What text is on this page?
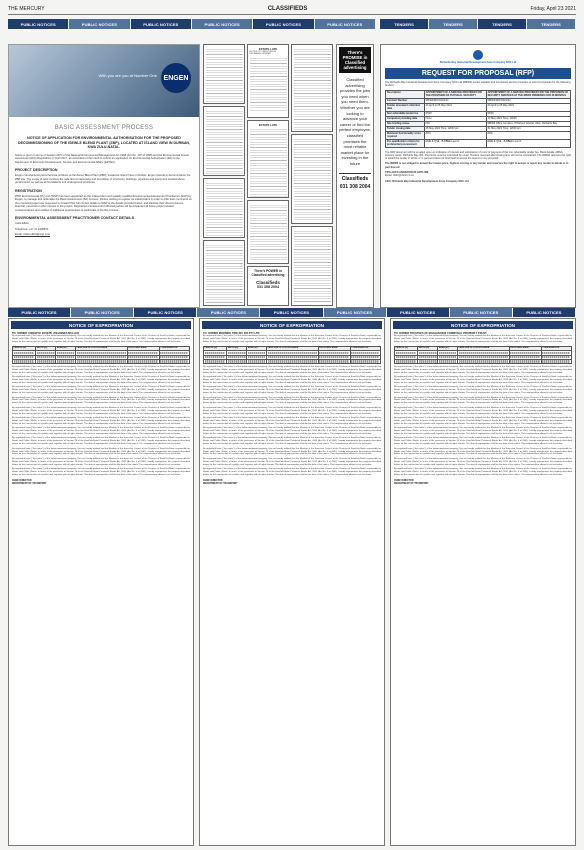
THE MERCURY	CLASSIFIEDS	Friday, April 23 2021
PUBLIC NOTICES	PUBLIC NOTICES	PUBLIC NOTICES	PUBLIC NOTICES	PUBLIC NOTICES	PUBLIC NOTICES	TENDERS	TENDERS	TENDERS	TENDERS
With you are you at Number One ENGEN
BASIC ASSESSMENT PROCESS
NOTICE OF APPLICATION FOR ENVIRONMENTAL AUTHORISATION FOR THE PROPOSED DECOMMISSIONING OF THE ISEWLE BLEND PLANT (ZBP), LOCATED AT ISLAND VIEW IN DURBAN, KWA ZULU-NATAL.
Notice is given in terms of Section 24(5) of the National Environmental Management Act 1998 (Act No. 107 of 1998) and the Environmental Impact Assessment (EIA) Regulations (7 April 2017, as amended) of the intent to submit an application for Environmental Authorisation (EA) to the Department of Economic Development, Tourism and Environmental Affairs (EDTEA).
PROJECT DESCRIPTION
Engen manufactures petrochemical products at the Zenex Blend Plant (ZBP), located at Island View in Durban. Engen intends to decommission the ZBP site. The scope of work involves the safe decommissioning and demolition of structures, buildings, pipelines and equipment located above ground level, as well as all foundations and underground structures.
REGISTRATION
WSP Environmental (Pty) Ltd (WSP) has been appointed as the independent and suitably qualified Environmental Assessment Practitioner (EAP) by Engen, to manage and undertake the Basic Assessment (BA) process. Parties wishing to register as stakeholders in order to offer their comments on the proposed project are requested to forward their full contact details to WSP at the details provided below, and disclose their direct business, financial, personal or other interest in the project. Registered interested and affected parties will be forwarded all future project related correspondence and notified of additional opportunities to participate in the BA process.
ENVIRONMENTAL ASSESSMENT PRACTITIONER CONTACT DETAILS
Carla Elliott
Telephone: +27 31 2408874
Email: Carla.elliott@wsp.com
ESTATE LATE
NOTICE TO CREDITORS IN DECEASED ESTATES
ESTATE LATE
There's POWER in Classified advertising
Classifieds
031 308 2004
There's PROMISE in Classified advertising
Classified advertising provides the jobs you need when you need them. Whether you are looking to advance your career or find the perfect employee, classified promises the most reliable market place for investing in the future
Classifieds
031 308 2004
Richards Bay Industrial Development Zone Company SOC Ltd
REQUEST FOR PROPOSAL (RFP)
The Richards Bay Industrial Development Zone Company SOC Ltd (RBIDZ) invites capable and competent service providers to submit proposals for the following tenders:
Description	APPOINTMENT OF A SERVICE PROVIDER FOR THE PROVISION OF PHYSICAL SECURITY	APPOINTMENT OF A SERVICE PROVIDER FOR THE PROVISION OF SECURITY SERVICES AT THE RBIDZ PREMISES FOR 36 MONTHS
Contract Number	RBIDZ/RFP/2021/21	RBIDZ/RFP/2021/22
Tender document collection date	23 April to 05 May 2021	23 April to 05 May 2021
Non-refundable tender fee	R500	R500
Compulsory briefing date	None	10 May 2021 Time: 10h00
Site briefing venue	N/A	RBIDZ Office Complex, 8 Harbour Arterial, Alton, Richards Bay
Tender closing date	25 May 2021 Time: 12h00 pm	31 May 2021 Time: 12h00 pm
Minimum functionality score required	80%	80%
Pre-qualification criteria for preferential procurement	EME & QSE - B-BBEE Level 1	EME & QSE - B-BBEE Level 1
The RFP document will be emailed upon an indication of interest and submission of proof of payment of the non-refundable tender fee. Bank details: ABSA, Account name: Richards Bay IDZ. Payments must be submitted by email. Tenders received after closing time will not be considered. The RBIDZ reserves the right to award the tender in whole or in part and does not bind itself to accept the lowest or any proposal.
The RBIDZ is not obliged to accept the lowest price, highest scoring or any tender and reserves the right to accept or reject any tender in whole or in part thereof.
TIPS-OFFS ANONYMOUS HOTLINE
Email: rbidz@rbidz.co.za
CEO: Richards Bay Industrial Development Zone Company SOC Ltd
PUBLIC NOTICES	PUBLIC NOTICES	PUBLIC NOTICES	PUBLIC NOTICES	PUBLIC NOTICES	PUBLIC NOTICES	PUBLIC NOTICES	PUBLIC NOTICES	PUBLIC NOTICES
NOTICE OF EXPROPRIATION
TO: OWNER LODEWYK JOSEPH JOHANNES MULLER
By registered letter ("the notice") of the below-mentioned property, You are hereby notified that the Member of the Executive Council of the Province of KwaZulu-Natal, responsible for Roads and Public Works, in terms of the provisions of Section 19 of the KwaZulu-Natal Provincial Roads Act, 2001 (Act No. 4 of 2001), hereby expropriates the property described below, for the construction of a public road, together with all rights thereto. The date of expropriation shall be the date of this notice. The compensation offered is set out below.
LENGTH (m)	WIDTH (m)	AREA (m²)	LAND USE OF PORTION AREA	PROPOSED AREA	COMPENSATION

By registered letter ("the notice") of the below-mentioned property, You are hereby notified that the Member of the Executive Council of the Province of KwaZulu-Natal, responsible for Roads and Public Works, in terms of the provisions of Section 19 of the KwaZulu-Natal Provincial Roads Act, 2001 (Act No. 4 of 2001), hereby expropriates the property described below, for the construction of a public road, together with all rights thereto. The date of expropriation shall be the date of this notice. The compensation offered is set out below.
By registered letter ("the notice") of the below-mentioned property, You are hereby notified that the Member of the Executive Council of the Province of KwaZulu-Natal, responsible for Roads and Public Works, in terms of the provisions of Section 19 of the KwaZulu-Natal Provincial Roads Act, 2001 (Act No. 4 of 2001), hereby expropriates the property described below, for the construction of a public road, together with all rights thereto. The date of expropriation shall be the date of this notice. The compensation offered is set out below.
By registered letter ("the notice") of the below-mentioned property, You are hereby notified that the Member of the Executive Council of the Province of KwaZulu-Natal, responsible for Roads and Public Works, in terms of the provisions of Section 19 of the KwaZulu-Natal Provincial Roads Act, 2001 (Act No. 4 of 2001), hereby expropriates the property described below, for the construction of a public road, together with all rights thereto. The date of expropriation shall be the date of this notice. The compensation offered is set out below.
By registered letter ("the notice") of the below-mentioned property, You are hereby notified that the Member of the Executive Council of the Province of KwaZulu-Natal, responsible for Roads and Public Works, in terms of the provisions of Section 19 of the KwaZulu-Natal Provincial Roads Act, 2001 (Act No. 4 of 2001), hereby expropriates the property described below, for the construction of a public road, together with all rights thereto. The date of expropriation shall be the date of this notice. The compensation offered is set out below.
By registered letter ("the notice") of the below-mentioned property, You are hereby notified that the Member of the Executive Council of the Province of KwaZulu-Natal, responsible for Roads and Public Works, in terms of the provisions of Section 19 of the KwaZulu-Natal Provincial Roads Act, 2001 (Act No. 4 of 2001), hereby expropriates the property described below, for the construction of a public road, together with all rights thereto. The date of expropriation shall be the date of this notice. The compensation offered is set out below.
By registered letter ("the notice") of the below-mentioned property, You are hereby notified that the Member of the Executive Council of the Province of KwaZulu-Natal, responsible for Roads and Public Works, in terms of the provisions of Section 19 of the KwaZulu-Natal Provincial Roads Act, 2001 (Act No. 4 of 2001), hereby expropriates the property described below, for the construction of a public road, together with all rights thereto. The date of expropriation shall be the date of this notice. The compensation offered is set out below.
By registered letter ("the notice") of the below-mentioned property, You are hereby notified that the Member of the Executive Council of the Province of KwaZulu-Natal, responsible for Roads and Public Works, in terms of the provisions of Section 19 of the KwaZulu-Natal Provincial Roads Act, 2001 (Act No. 4 of 2001), hereby expropriates the property described below, for the construction of a public road, together with all rights thereto. The date of expropriation shall be the date of this notice. The compensation offered is set out below.
By registered letter ("the notice") of the below-mentioned property, You are hereby notified that the Member of the Executive Council of the Province of KwaZulu-Natal, responsible for Roads and Public Works, in terms of the provisions of Section 19 of the KwaZulu-Natal Provincial Roads Act, 2001 (Act No. 4 of 2001), hereby expropriates the property described below, for the construction of a public road, together with all rights thereto. The date of expropriation shall be the date of this notice. The compensation offered is set out below.
By registered letter ("the notice") of the below-mentioned property, You are hereby notified that the Member of the Executive Council of the Province of KwaZulu-Natal, responsible for Roads and Public Works, in terms of the provisions of Section 19 of the KwaZulu-Natal Provincial Roads Act, 2001 (Act No. 4 of 2001), hereby expropriates the property described below, for the construction of a public road, together with all rights thereto. The date of expropriation shall be the date of this notice. The compensation offered is set out below.
By registered letter ("the notice") of the below-mentioned property, You are hereby notified that the Member of the Executive Council of the Province of KwaZulu-Natal, responsible for Roads and Public Works, in terms of the provisions of Section 19 of the KwaZulu-Natal Provincial Roads Act, 2001 (Act No. 4 of 2001), hereby expropriates the property described below, for the construction of a public road, together with all rights thereto. The date of expropriation shall be the date of this notice. The compensation offered is set out below.
By registered letter ("the notice") of the below-mentioned property, You are hereby notified that the Member of the Executive Council of the Province of KwaZulu-Natal, responsible for Roads and Public Works, in terms of the provisions of Section 19 of the KwaZulu-Natal Provincial Roads Act, 2001 (Act No. 4 of 2001), hereby expropriates the property described below, for the construction of a public road, together with all rights thereto. The date of expropriation shall be the date of this notice. The compensation offered is set out below.
CHIEF DIRECTOR
DEPARTMENT OF TRANSPORT
NOTICE OF EXPROPRIATION
TO: OWNER MORNING TIDE INV 200 PTY LTD
By registered letter ("the notice") of the below-mentioned property, You are hereby notified that the Member of the Executive Council of the Province of KwaZulu-Natal, responsible for Roads and Public Works, in terms of the provisions of Section 19 of the KwaZulu-Natal Provincial Roads Act, 2001 (Act No. 4 of 2001), hereby expropriates the property described below, for the construction of a public road, together with all rights thereto. The date of expropriation shall be the date of this notice. The compensation offered is set out below.
LENGTH (m)	WIDTH (m)	AREA (m²)	LAND USE OF PORTION AREA	PROPOSED AREA	COMPENSATION

By registered letter ("the notice") of the below-mentioned property, You are hereby notified that the Member of the Executive Council of the Province of KwaZulu-Natal, responsible for Roads and Public Works, in terms of the provisions of Section 19 of the KwaZulu-Natal Provincial Roads Act, 2001 (Act No. 4 of 2001), hereby expropriates the property described below, for the construction of a public road, together with all rights thereto. The date of expropriation shall be the date of this notice. The compensation offered is set out below.
By registered letter ("the notice") of the below-mentioned property, You are hereby notified that the Member of the Executive Council of the Province of KwaZulu-Natal, responsible for Roads and Public Works, in terms of the provisions of Section 19 of the KwaZulu-Natal Provincial Roads Act, 2001 (Act No. 4 of 2001), hereby expropriates the property described below, for the construction of a public road, together with all rights thereto. The date of expropriation shall be the date of this notice. The compensation offered is set out below.
By registered letter ("the notice") of the below-mentioned property, You are hereby notified that the Member of the Executive Council of the Province of KwaZulu-Natal, responsible for Roads and Public Works, in terms of the provisions of Section 19 of the KwaZulu-Natal Provincial Roads Act, 2001 (Act No. 4 of 2001), hereby expropriates the property described below, for the construction of a public road, together with all rights thereto. The date of expropriation shall be the date of this notice. The compensation offered is set out below.
By registered letter ("the notice") of the below-mentioned property, You are hereby notified that the Member of the Executive Council of the Province of KwaZulu-Natal, responsible for Roads and Public Works, in terms of the provisions of Section 19 of the KwaZulu-Natal Provincial Roads Act, 2001 (Act No. 4 of 2001), hereby expropriates the property described below, for the construction of a public road, together with all rights thereto. The date of expropriation shall be the date of this notice. The compensation offered is set out below.
By registered letter ("the notice") of the below-mentioned property, You are hereby notified that the Member of the Executive Council of the Province of KwaZulu-Natal, responsible for Roads and Public Works, in terms of the provisions of Section 19 of the KwaZulu-Natal Provincial Roads Act, 2001 (Act No. 4 of 2001), hereby expropriates the property described below, for the construction of a public road, together with all rights thereto. The date of expropriation shall be the date of this notice. The compensation offered is set out below.
By registered letter ("the notice") of the below-mentioned property, You are hereby notified that the Member of the Executive Council of the Province of KwaZulu-Natal, responsible for Roads and Public Works, in terms of the provisions of Section 19 of the KwaZulu-Natal Provincial Roads Act, 2001 (Act No. 4 of 2001), hereby expropriates the property described below, for the construction of a public road, together with all rights thereto. The date of expropriation shall be the date of this notice. The compensation offered is set out below.
By registered letter ("the notice") of the below-mentioned property, You are hereby notified that the Member of the Executive Council of the Province of KwaZulu-Natal, responsible for Roads and Public Works, in terms of the provisions of Section 19 of the KwaZulu-Natal Provincial Roads Act, 2001 (Act No. 4 of 2001), hereby expropriates the property described below, for the construction of a public road, together with all rights thereto. The date of expropriation shall be the date of this notice. The compensation offered is set out below.
By registered letter ("the notice") of the below-mentioned property, You are hereby notified that the Member of the Executive Council of the Province of KwaZulu-Natal, responsible for Roads and Public Works, in terms of the provisions of Section 19 of the KwaZulu-Natal Provincial Roads Act, 2001 (Act No. 4 of 2001), hereby expropriates the property described below, for the construction of a public road, together with all rights thereto. The date of expropriation shall be the date of this notice. The compensation offered is set out below.
By registered letter ("the notice") of the below-mentioned property, You are hereby notified that the Member of the Executive Council of the Province of KwaZulu-Natal, responsible for Roads and Public Works, in terms of the provisions of Section 19 of the KwaZulu-Natal Provincial Roads Act, 2001 (Act No. 4 of 2001), hereby expropriates the property described below, for the construction of a public road, together with all rights thereto. The date of expropriation shall be the date of this notice. The compensation offered is set out below.
By registered letter ("the notice") of the below-mentioned property, You are hereby notified that the Member of the Executive Council of the Province of KwaZulu-Natal, responsible for Roads and Public Works, in terms of the provisions of Section 19 of the KwaZulu-Natal Provincial Roads Act, 2001 (Act No. 4 of 2001), hereby expropriates the property described below, for the construction of a public road, together with all rights thereto. The date of expropriation shall be the date of this notice. The compensation offered is set out below.
By registered letter ("the notice") of the below-mentioned property, You are hereby notified that the Member of the Executive Council of the Province of KwaZulu-Natal, responsible for Roads and Public Works, in terms of the provisions of Section 19 of the KwaZulu-Natal Provincial Roads Act, 2001 (Act No. 4 of 2001), hereby expropriates the property described below, for the construction of a public road, together with all rights thereto. The date of expropriation shall be the date of this notice. The compensation offered is set out below.
CHIEF DIRECTOR
DEPARTMENT OF TRANSPORT
NOTICE OF EXPROPRIATION
TO: OWNER TRUSTEES OF EMAGCEKENI COMMUNAL PROPERTY TRUST
By registered letter ("the notice") of the below-mentioned property, You are hereby notified that the Member of the Executive Council of the Province of KwaZulu-Natal, responsible for Roads and Public Works, in terms of the provisions of Section 19 of the KwaZulu-Natal Provincial Roads Act, 2001 (Act No. 4 of 2001), hereby expropriates the property described below, for the construction of a public road, together with all rights thereto. The date of expropriation shall be the date of this notice. The compensation offered is set out below.
LENGTH (m)	WIDTH (m)	AREA (m²)	LAND USE OF PORTION AREA	PROPOSED AREA	COMPENSATION

By registered letter ("the notice") of the below-mentioned property, You are hereby notified that the Member of the Executive Council of the Province of KwaZulu-Natal, responsible for Roads and Public Works, in terms of the provisions of Section 19 of the KwaZulu-Natal Provincial Roads Act, 2001 (Act No. 4 of 2001), hereby expropriates the property described below, for the construction of a public road, together with all rights thereto. The date of expropriation shall be the date of this notice. The compensation offered is set out below.
By registered letter ("the notice") of the below-mentioned property, You are hereby notified that the Member of the Executive Council of the Province of KwaZulu-Natal, responsible for Roads and Public Works, in terms of the provisions of Section 19 of the KwaZulu-Natal Provincial Roads Act, 2001 (Act No. 4 of 2001), hereby expropriates the property described below, for the construction of a public road, together with all rights thereto. The date of expropriation shall be the date of this notice. The compensation offered is set out below.
By registered letter ("the notice") of the below-mentioned property, You are hereby notified that the Member of the Executive Council of the Province of KwaZulu-Natal, responsible for Roads and Public Works, in terms of the provisions of Section 19 of the KwaZulu-Natal Provincial Roads Act, 2001 (Act No. 4 of 2001), hereby expropriates the property described below, for the construction of a public road, together with all rights thereto. The date of expropriation shall be the date of this notice. The compensation offered is set out below.
By registered letter ("the notice") of the below-mentioned property, You are hereby notified that the Member of the Executive Council of the Province of KwaZulu-Natal, responsible for Roads and Public Works, in terms of the provisions of Section 19 of the KwaZulu-Natal Provincial Roads Act, 2001 (Act No. 4 of 2001), hereby expropriates the property described below, for the construction of a public road, together with all rights thereto. The date of expropriation shall be the date of this notice. The compensation offered is set out below.
By registered letter ("the notice") of the below-mentioned property, You are hereby notified that the Member of the Executive Council of the Province of KwaZulu-Natal, responsible for Roads and Public Works, in terms of the provisions of Section 19 of the KwaZulu-Natal Provincial Roads Act, 2001 (Act No. 4 of 2001), hereby expropriates the property described below, for the construction of a public road, together with all rights thereto. The date of expropriation shall be the date of this notice. The compensation offered is set out below.
By registered letter ("the notice") of the below-mentioned property, You are hereby notified that the Member of the Executive Council of the Province of KwaZulu-Natal, responsible for Roads and Public Works, in terms of the provisions of Section 19 of the KwaZulu-Natal Provincial Roads Act, 2001 (Act No. 4 of 2001), hereby expropriates the property described below, for the construction of a public road, together with all rights thereto. The date of expropriation shall be the date of this notice. The compensation offered is set out below.
By registered letter ("the notice") of the below-mentioned property, You are hereby notified that the Member of the Executive Council of the Province of KwaZulu-Natal, responsible for Roads and Public Works, in terms of the provisions of Section 19 of the KwaZulu-Natal Provincial Roads Act, 2001 (Act No. 4 of 2001), hereby expropriates the property described below, for the construction of a public road, together with all rights thereto. The date of expropriation shall be the date of this notice. The compensation offered is set out below.
By registered letter ("the notice") of the below-mentioned property, You are hereby notified that the Member of the Executive Council of the Province of KwaZulu-Natal, responsible for Roads and Public Works, in terms of the provisions of Section 19 of the KwaZulu-Natal Provincial Roads Act, 2001 (Act No. 4 of 2001), hereby expropriates the property described below, for the construction of a public road, together with all rights thereto. The date of expropriation shall be the date of this notice. The compensation offered is set out below.
By registered letter ("the notice") of the below-mentioned property, You are hereby notified that the Member of the Executive Council of the Province of KwaZulu-Natal, responsible for Roads and Public Works, in terms of the provisions of Section 19 of the KwaZulu-Natal Provincial Roads Act, 2001 (Act No. 4 of 2001), hereby expropriates the property described below, for the construction of a public road, together with all rights thereto. The date of expropriation shall be the date of this notice. The compensation offered is set out below.
By registered letter ("the notice") of the below-mentioned property, You are hereby notified that the Member of the Executive Council of the Province of KwaZulu-Natal, responsible for Roads and Public Works, in terms of the provisions of Section 19 of the KwaZulu-Natal Provincial Roads Act, 2001 (Act No. 4 of 2001), hereby expropriates the property described below, for the construction of a public road, together with all rights thereto. The date of expropriation shall be the date of this notice. The compensation offered is set out below.
By registered letter ("the notice") of the below-mentioned property, You are hereby notified that the Member of the Executive Council of the Province of KwaZulu-Natal, responsible for Roads and Public Works, in terms of the provisions of Section 19 of the KwaZulu-Natal Provincial Roads Act, 2001 (Act No. 4 of 2001), hereby expropriates the property described below, for the construction of a public road, together with all rights thereto. The date of expropriation shall be the date of this notice. The compensation offered is set out below.
CHIEF DIRECTOR
DEPARTMENT OF TRANSPORT
